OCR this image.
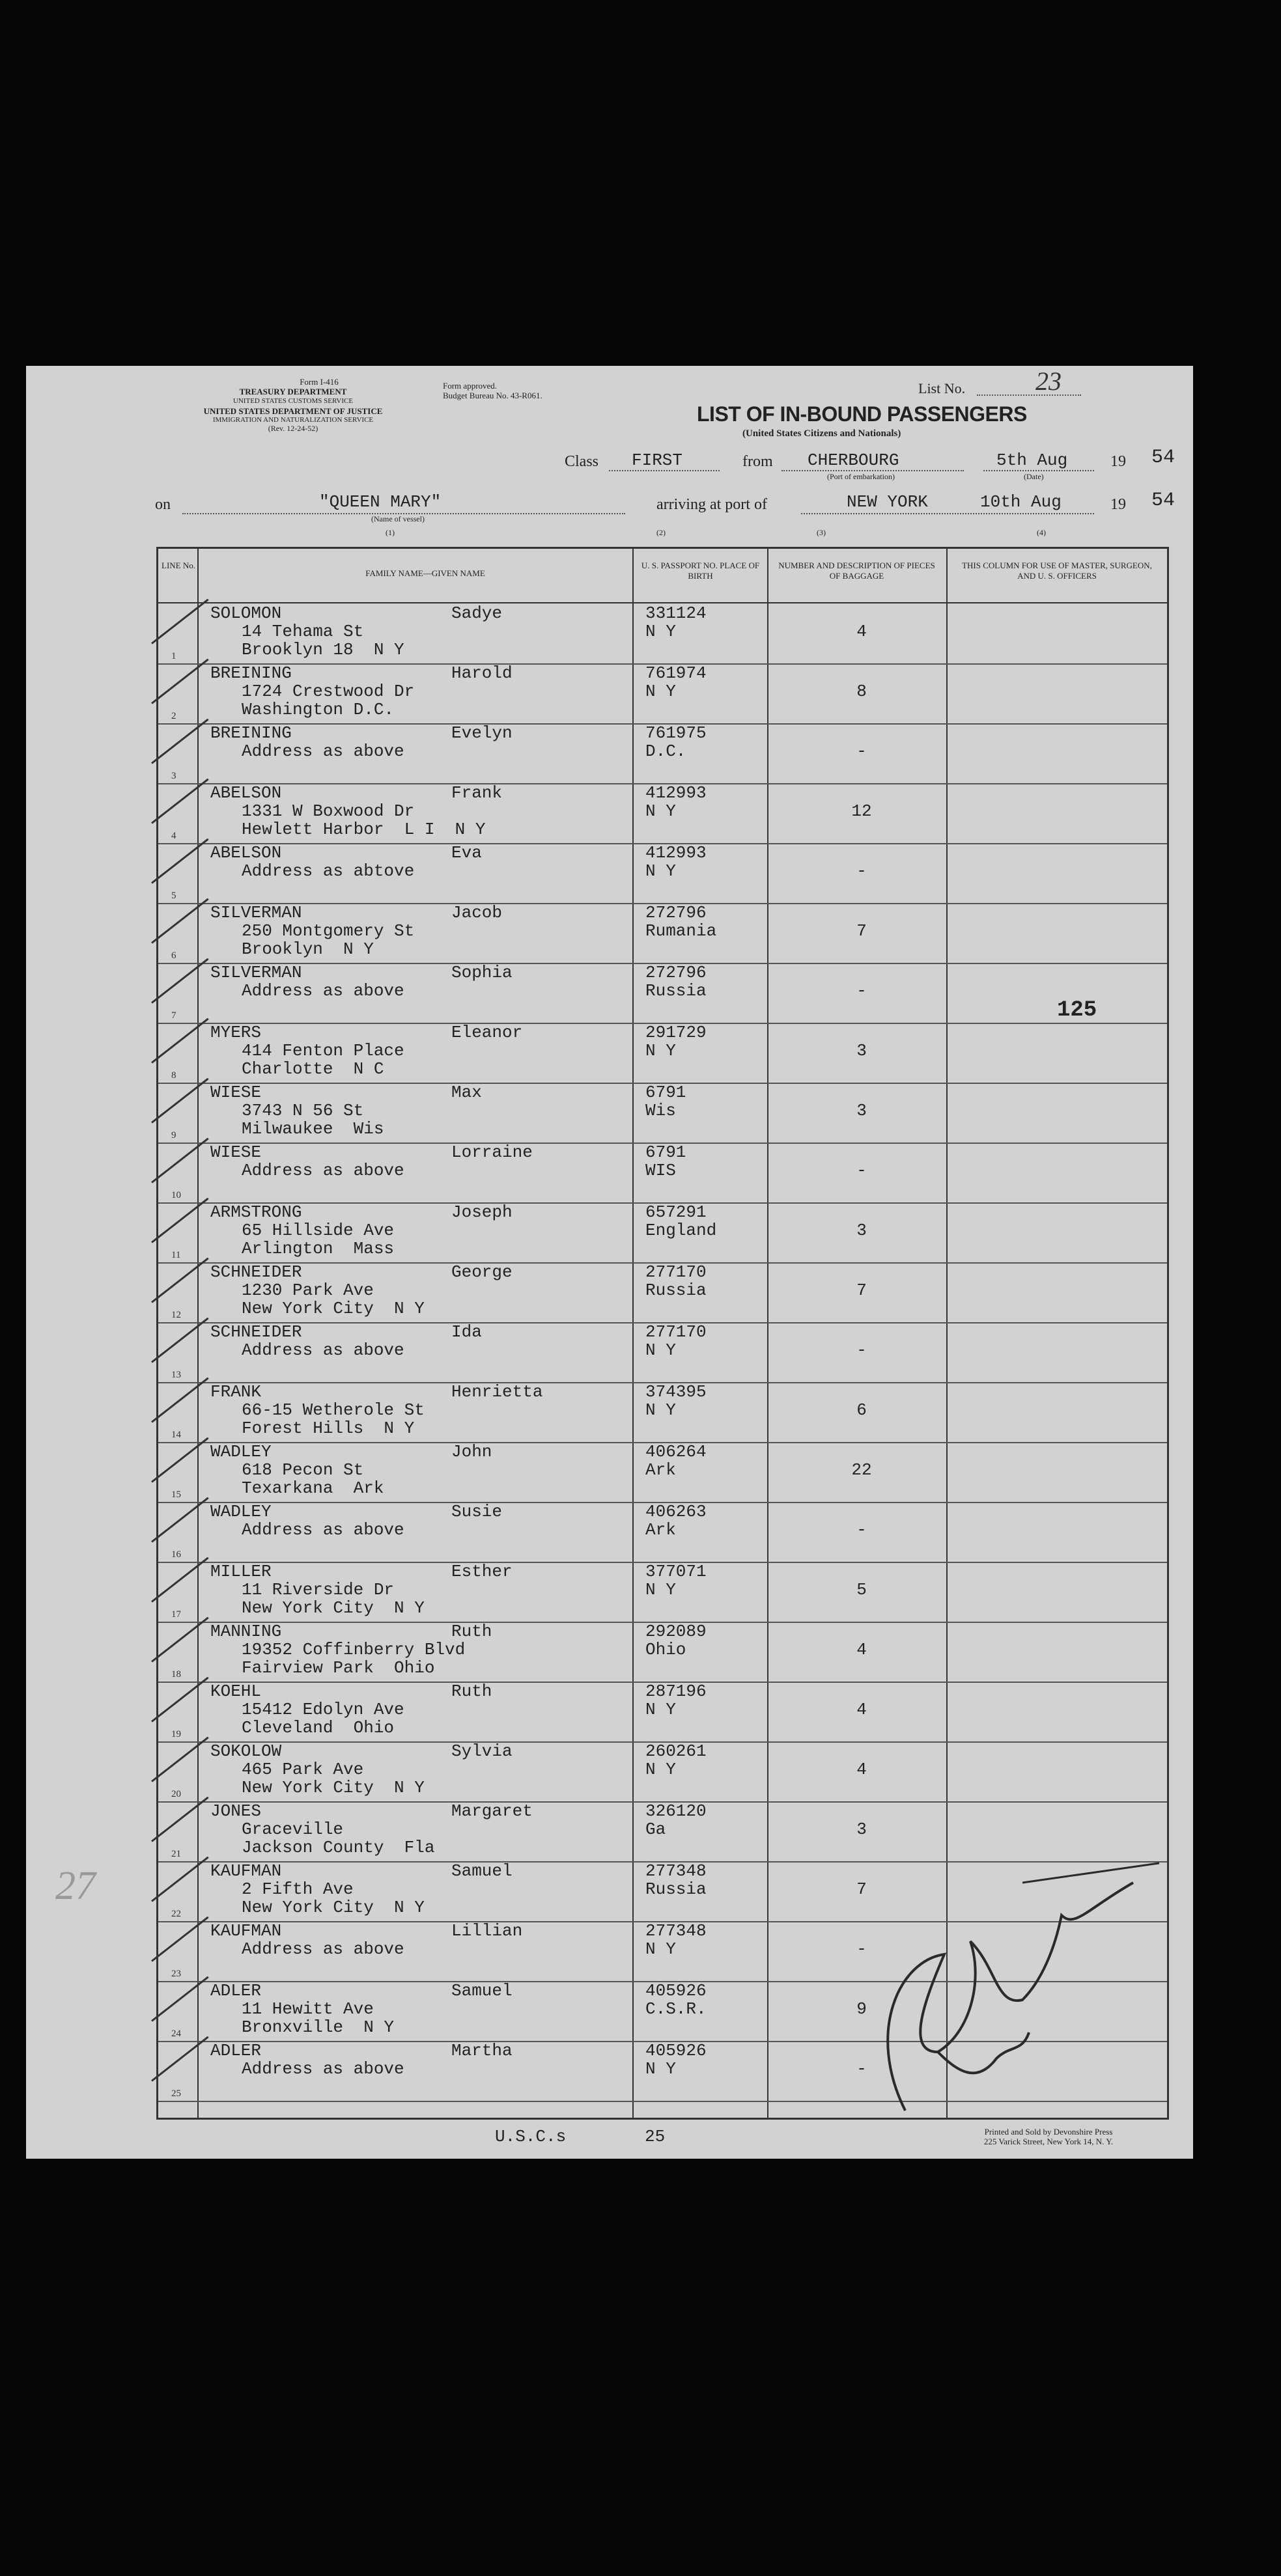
Form I-416
TREASURY DEPARTMENT
UNITED STATES CUSTOMS SERVICE
UNITED STATES DEPARTMENT OF JUSTICE
IMMIGRATION AND NATURALIZATION SERVICE
(Rev. 12-24-52)
Form approved.
Budget Bureau No. 43-R061.
LIST OF IN-BOUND PASSENGERS
(United States Citizens and Nationals)
List No.	23
Class FIRST	from CHERBOURG
(Port of embarkation)
5th Aug
(Date)
19 54
on	"QUEEN MARY"
(Name of vessel)
arriving at port of	NEW YORK	10th Aug	19 54
(1)	(2)	(3)	(4)
LINE No.
FAMILY NAME—GIVEN NAME
U. S. PASSPORT NO. PLACE OF BIRTH
NUMBER AND DESCRIPTION OF PIECES OF BAGGAGE
THIS COLUMN FOR USE OF MASTER, SURGEON, AND U. S. OFFICERS
1
SOLOMON	Sadye
14 Tehama St
Brooklyn 18  N Y
331124
N Y	4
2
BREINING	Harold
1724 Crestwood Dr
Washington D.C.
761974
N Y	8
3
BREINING	Evelyn
Address as above
761975
D.C.	-
4
ABELSON	Frank
1331 W Boxwood Dr
Hewlett Harbor  L I  N Y
412993
N Y	12
5
ABELSON	Eva
Address as abtove
412993
N Y	-
6
SILVERMAN	Jacob
250 Montgomery St
Brooklyn  N Y
272796
Rumania	7
7
SILVERMAN	Sophia
Address as above
272796
Russia	-
8
MYERS	Eleanor
414 Fenton Place
Charlotte  N C
291729
N Y	3
9
WIESE	Max
3743 N 56 St
Milwaukee  Wis
6791
Wis	3
10
WIESE	Lorraine
Address as above
6791
WIS	-
11
ARMSTRONG	Joseph
65 Hillside Ave
Arlington  Mass
657291
England	3
12
SCHNEIDER	George
1230 Park Ave
New York City  N Y
277170
Russia	7
13
SCHNEIDER	Ida
Address as above
277170
N Y	-
14
FRANK	Henrietta
66-15 Wetherole St
Forest Hills  N Y
374395
N Y	6
15
WADLEY	John
618 Pecon St
Texarkana  Ark
406264
Ark	22
16
WADLEY	Susie
Address as above
406263
Ark	-
17
MILLER	Esther
11 Riverside Dr
New York City  N Y
377071
N Y	5
18
MANNING	Ruth
19352 Coffinberry Blvd
Fairview Park  Ohio
292089
Ohio	4
19
KOEHL	Ruth
15412 Edolyn Ave
Cleveland  Ohio
287196
N Y	4
20
SOKOLOW	Sylvia
465 Park Ave
New York City  N Y
260261
N Y	4
21
JONES	Margaret
Graceville
Jackson County  Fla
326120
Ga	3
22
KAUFMAN	Samuel
2 Fifth Ave
New York City  N Y
277348
Russia	7
23
KAUFMAN	Lillian
Address as above
277348
N Y	-
24
ADLER	Samuel
11 Hewitt Ave
Bronxville  N Y
405926
C.S.R.	9
25
ADLER	Martha
Address as above
405926
N Y	-
125
U.S.C.s	25	Printed and Sold by Devonshire Press
225 Varick Street, New York 14, N. Y.
27
